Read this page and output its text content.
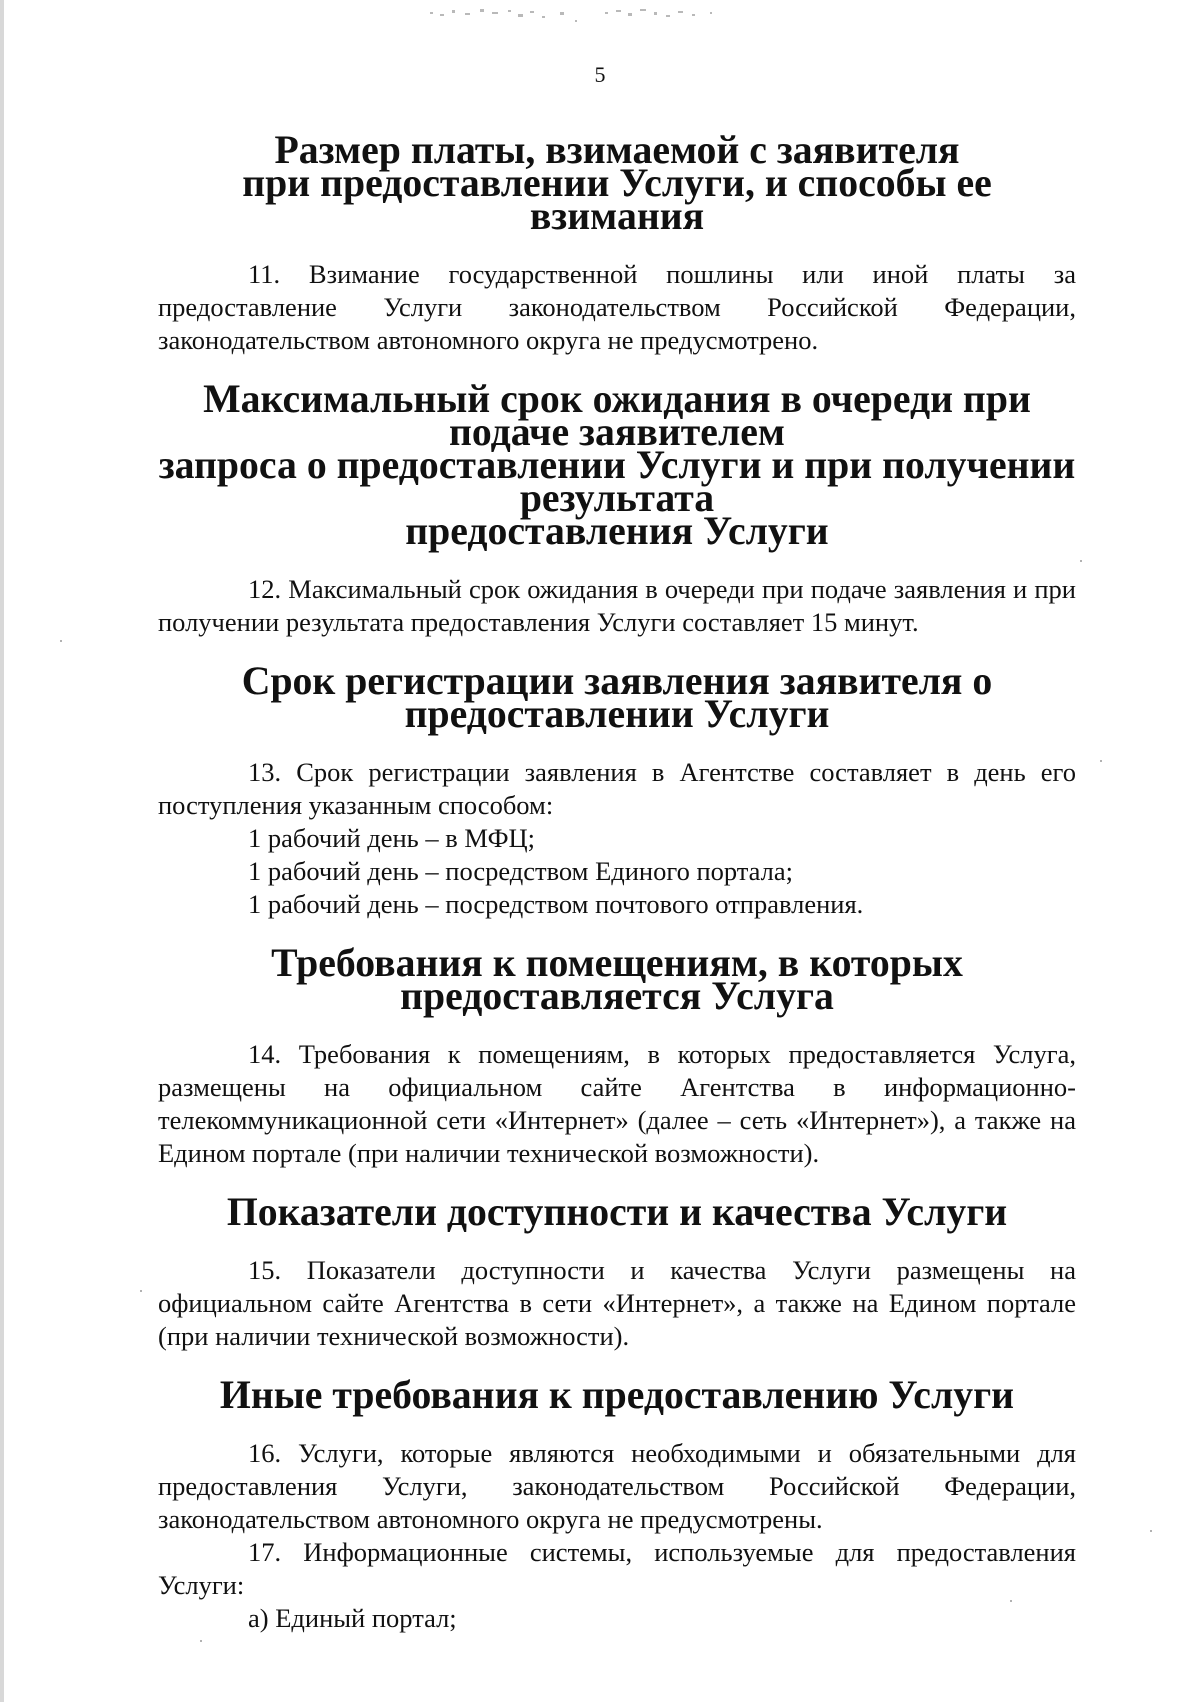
5
Размер платы, взимаемой с заявителя
при предоставлении Услуги, и способы ее взимания

11. Взимание государственной пошлины или иной платы за предоставление Услуги законодательством Российской Федерации, законодательством автономного округа не предусмотрено.

Максимальный срок ожидания в очереди при подаче заявителем
запроса о предоставлении Услуги и при получении результата
предоставления Услуги

12. Максимальный срок ожидания в очереди при подаче заявления и при получении результата предоставления Услуги составляет 15 минут.

Срок регистрации заявления заявителя о предоставлении Услуги

13. Срок регистрации заявления в Агентстве составляет в день его поступления указанным способом:

1 рабочий день – в МФЦ;

1 рабочий день – посредством Единого портала;

1 рабочий день – посредством почтового отправления.

Требования к помещениям, в которых предоставляется Услуга

14. Требования к помещениям, в которых предоставляется Услуга, размещены на официальном сайте Агентства в информационно-телекоммуникационной сети «Интернет» (далее – сеть «Интернет»), а также на Едином портале (при наличии технической возможности).

Показатели доступности и качества Услуги

15. Показатели доступности и качества Услуги размещены на официальном сайте Агентства в сети «Интернет», а также на Едином портале (при наличии технической возможности).

Иные требования к предоставлению Услуги

16. Услуги, которые являются необходимыми и обязательными для предоставления Услуги, законодательством Российской Федерации, законодательством автономного округа не предусмотрены.

17. Информационные системы, используемые для предоставления Услуги:

а) Единый портал;
